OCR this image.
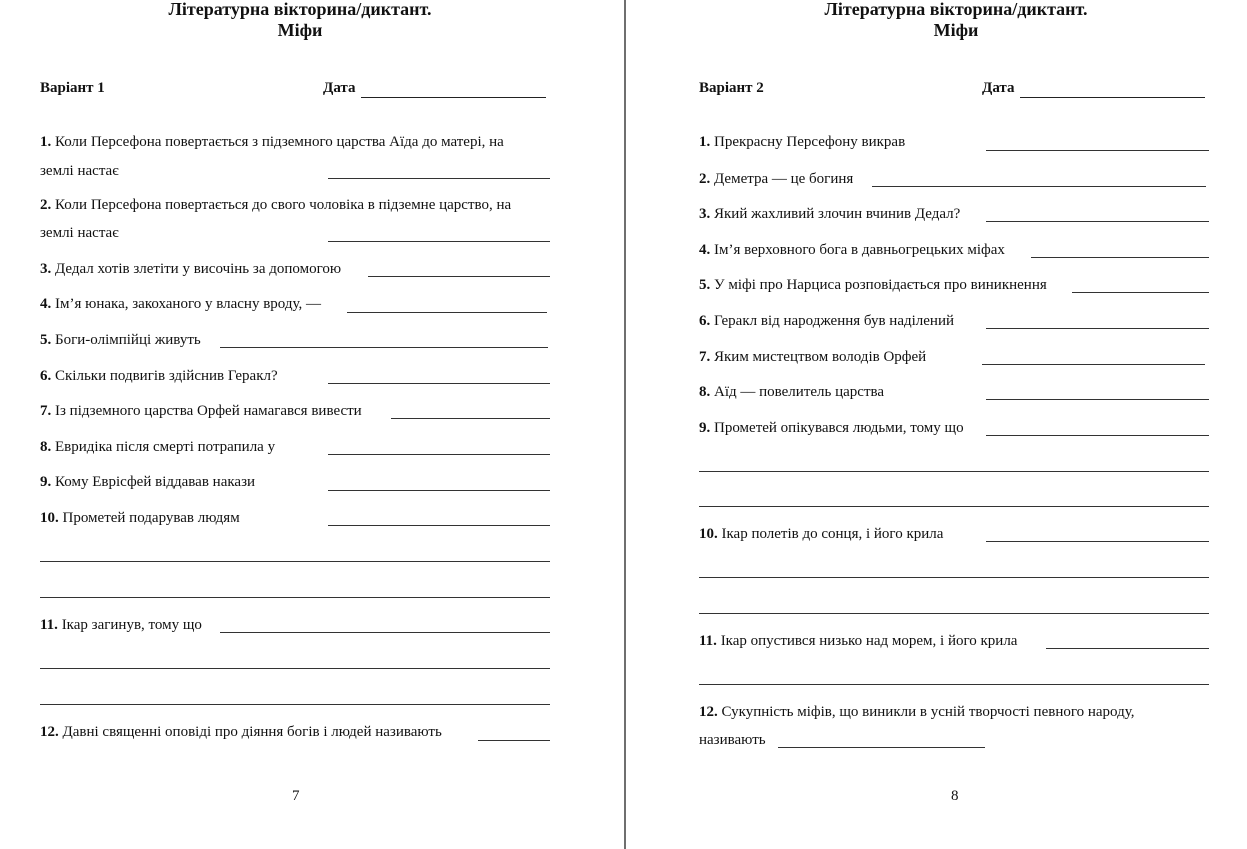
Літературна вікторина/диктант.
Міфи
Варіант 1	Дата
1. Коли Персефона повертається з підземного царства Аїда до матері, на
землі настає
2. Коли Персефона повертається до свого чоловіка в підземне царство, на
землі настає
3. Дедал хотів злетіти у височінь за допомогою
4. Ім’я юнака, закоханого у власну вроду, —
5. Боги-олімпійці живуть
6. Скільки подвигів здійснив Геракл?
7. Із підземного царства Орфей намагався вивести
8. Евридіка після смерті потрапила у
9. Кому Еврісфей віддавав накази
10. Прометей подарував людям
11. Ікар загинув, тому що
12. Давні священні оповіді про діяння богів і людей називають
7
Літературна вікторина/диктант.
Міфи
Варіант 2	Дата
1. Прекрасну Персефону викрав
2. Деметра — це богиня
3. Який жахливий злочин вчинив Дедал?
4. Ім’я верховного бога в давньогрецьких міфах
5. У міфі про Нарциса розповідається про виникнення
6. Геракл від народження був наділений
7. Яким мистецтвом володів Орфей
8. Аїд — повелитель царства
9. Прометей опікувався людьми, тому що
10. Ікар полетів до сонця, і його крила
11. Ікар опустився низько над морем, і його крила
12. Сукупність міфів, що виникли в усній творчості певного народу,
називають
8
